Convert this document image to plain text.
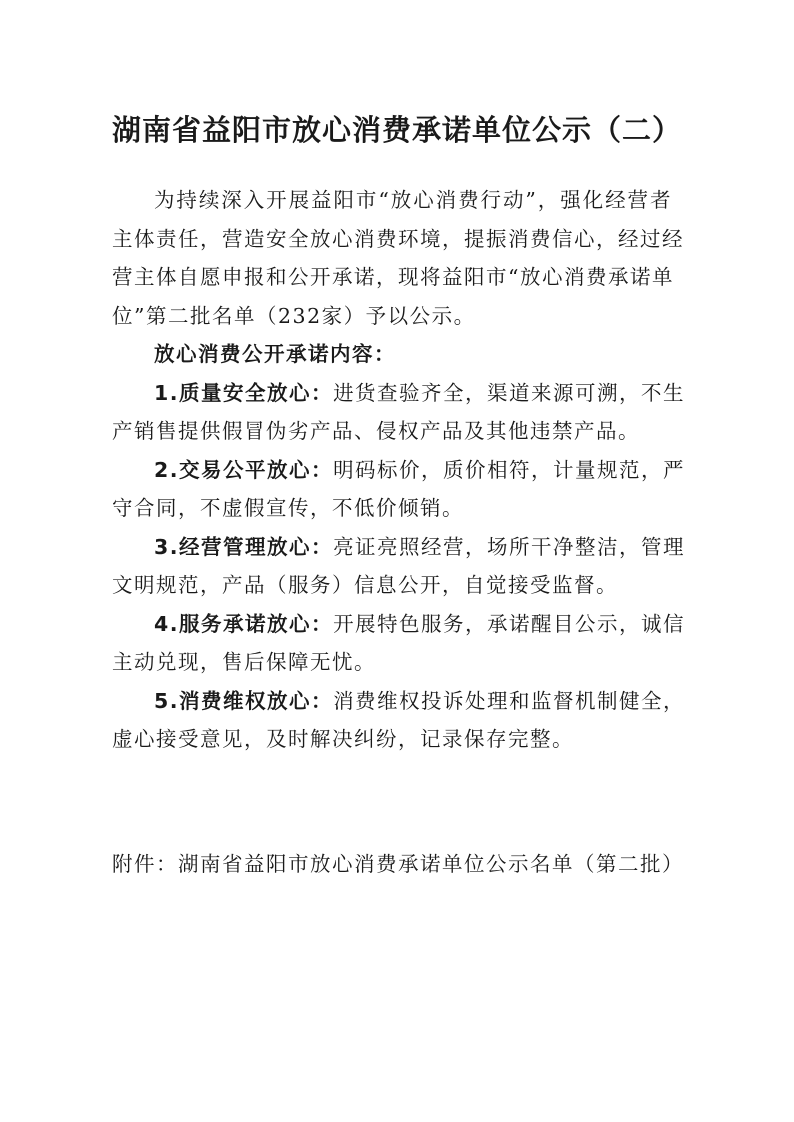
湖南省益阳市放心消费承诺单位公示（二）
为持续深入开展益阳市“放心消费行动”，强化经营者
主体责任，营造安全放心消费环境，提振消费信心，经过经
营主体自愿申报和公开承诺，现将益阳市“放心消费承诺单
位”第二批名单（232家）予以公示。
放心消费公开承诺内容：
1.质量安全放心：进货查验齐全，渠道来源可溯，不生
产销售提供假冒伪劣产品、侵权产品及其他违禁产品。
2.交易公平放心：明码标价，质价相符，计量规范，严
守合同，不虚假宣传，不低价倾销。
3.经营管理放心：亮证亮照经营，场所干净整洁，管理
文明规范，产品（服务）信息公开，自觉接受监督。
4.服务承诺放心：开展特色服务，承诺醒目公示，诚信
主动兑现，售后保障无忧。
5.消费维权放心：消费维权投诉处理和监督机制健全，
虚心接受意见，及时解决纠纷，记录保存完整。
附件：湖南省益阳市放心消费承诺单位公示名单（第二批）
